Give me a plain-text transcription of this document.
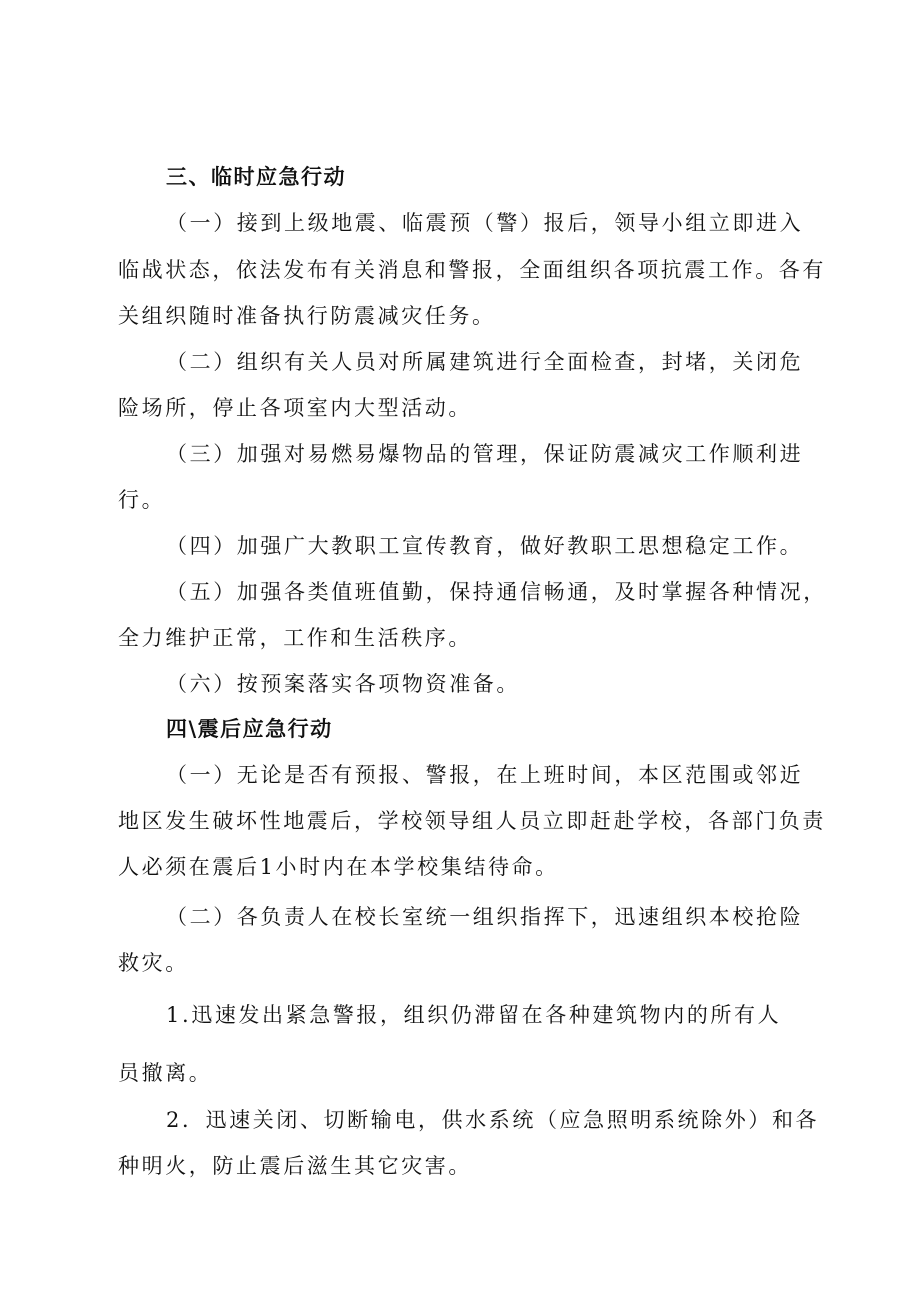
三、临时应急行动
（一）接到上级地震、临震预（警）报后，领导小组立即进入
临战状态，依法发布有关消息和警报，全面组织各项抗震工作。各有
关组织随时准备执行防震减灾任务。
（二）组织有关人员对所属建筑进行全面检查，封堵，关闭危
险场所，停止各项室内大型活动。
（三）加强对易燃易爆物品的管理，保证防震减灾工作顺利进
行。
（四）加强广大教职工宣传教育，做好教职工思想稳定工作。
（五）加强各类值班值勤，保持通信畅通，及时掌握各种情况，
全力维护正常，工作和生活秩序。
（六）按预案落实各项物资准备。
四\震后应急行动
（一）无论是否有预报、警报，在上班时间，本区范围或邻近
地区发生破坏性地震后，学校领导组人员立即赶赴学校，各部门负责
人必须在震后1小时内在本学校集结待命。
（二）各负责人在校长室统一组织指挥下，迅速组织本校抢险
救灾。
1.迅速发出紧急警报，组织仍滞留在各种建筑物内的所有人
员撤离。
2．迅速关闭、切断输电，供水系统（应急照明系统除外）和各
种明火，防止震后滋生其它灾害。
